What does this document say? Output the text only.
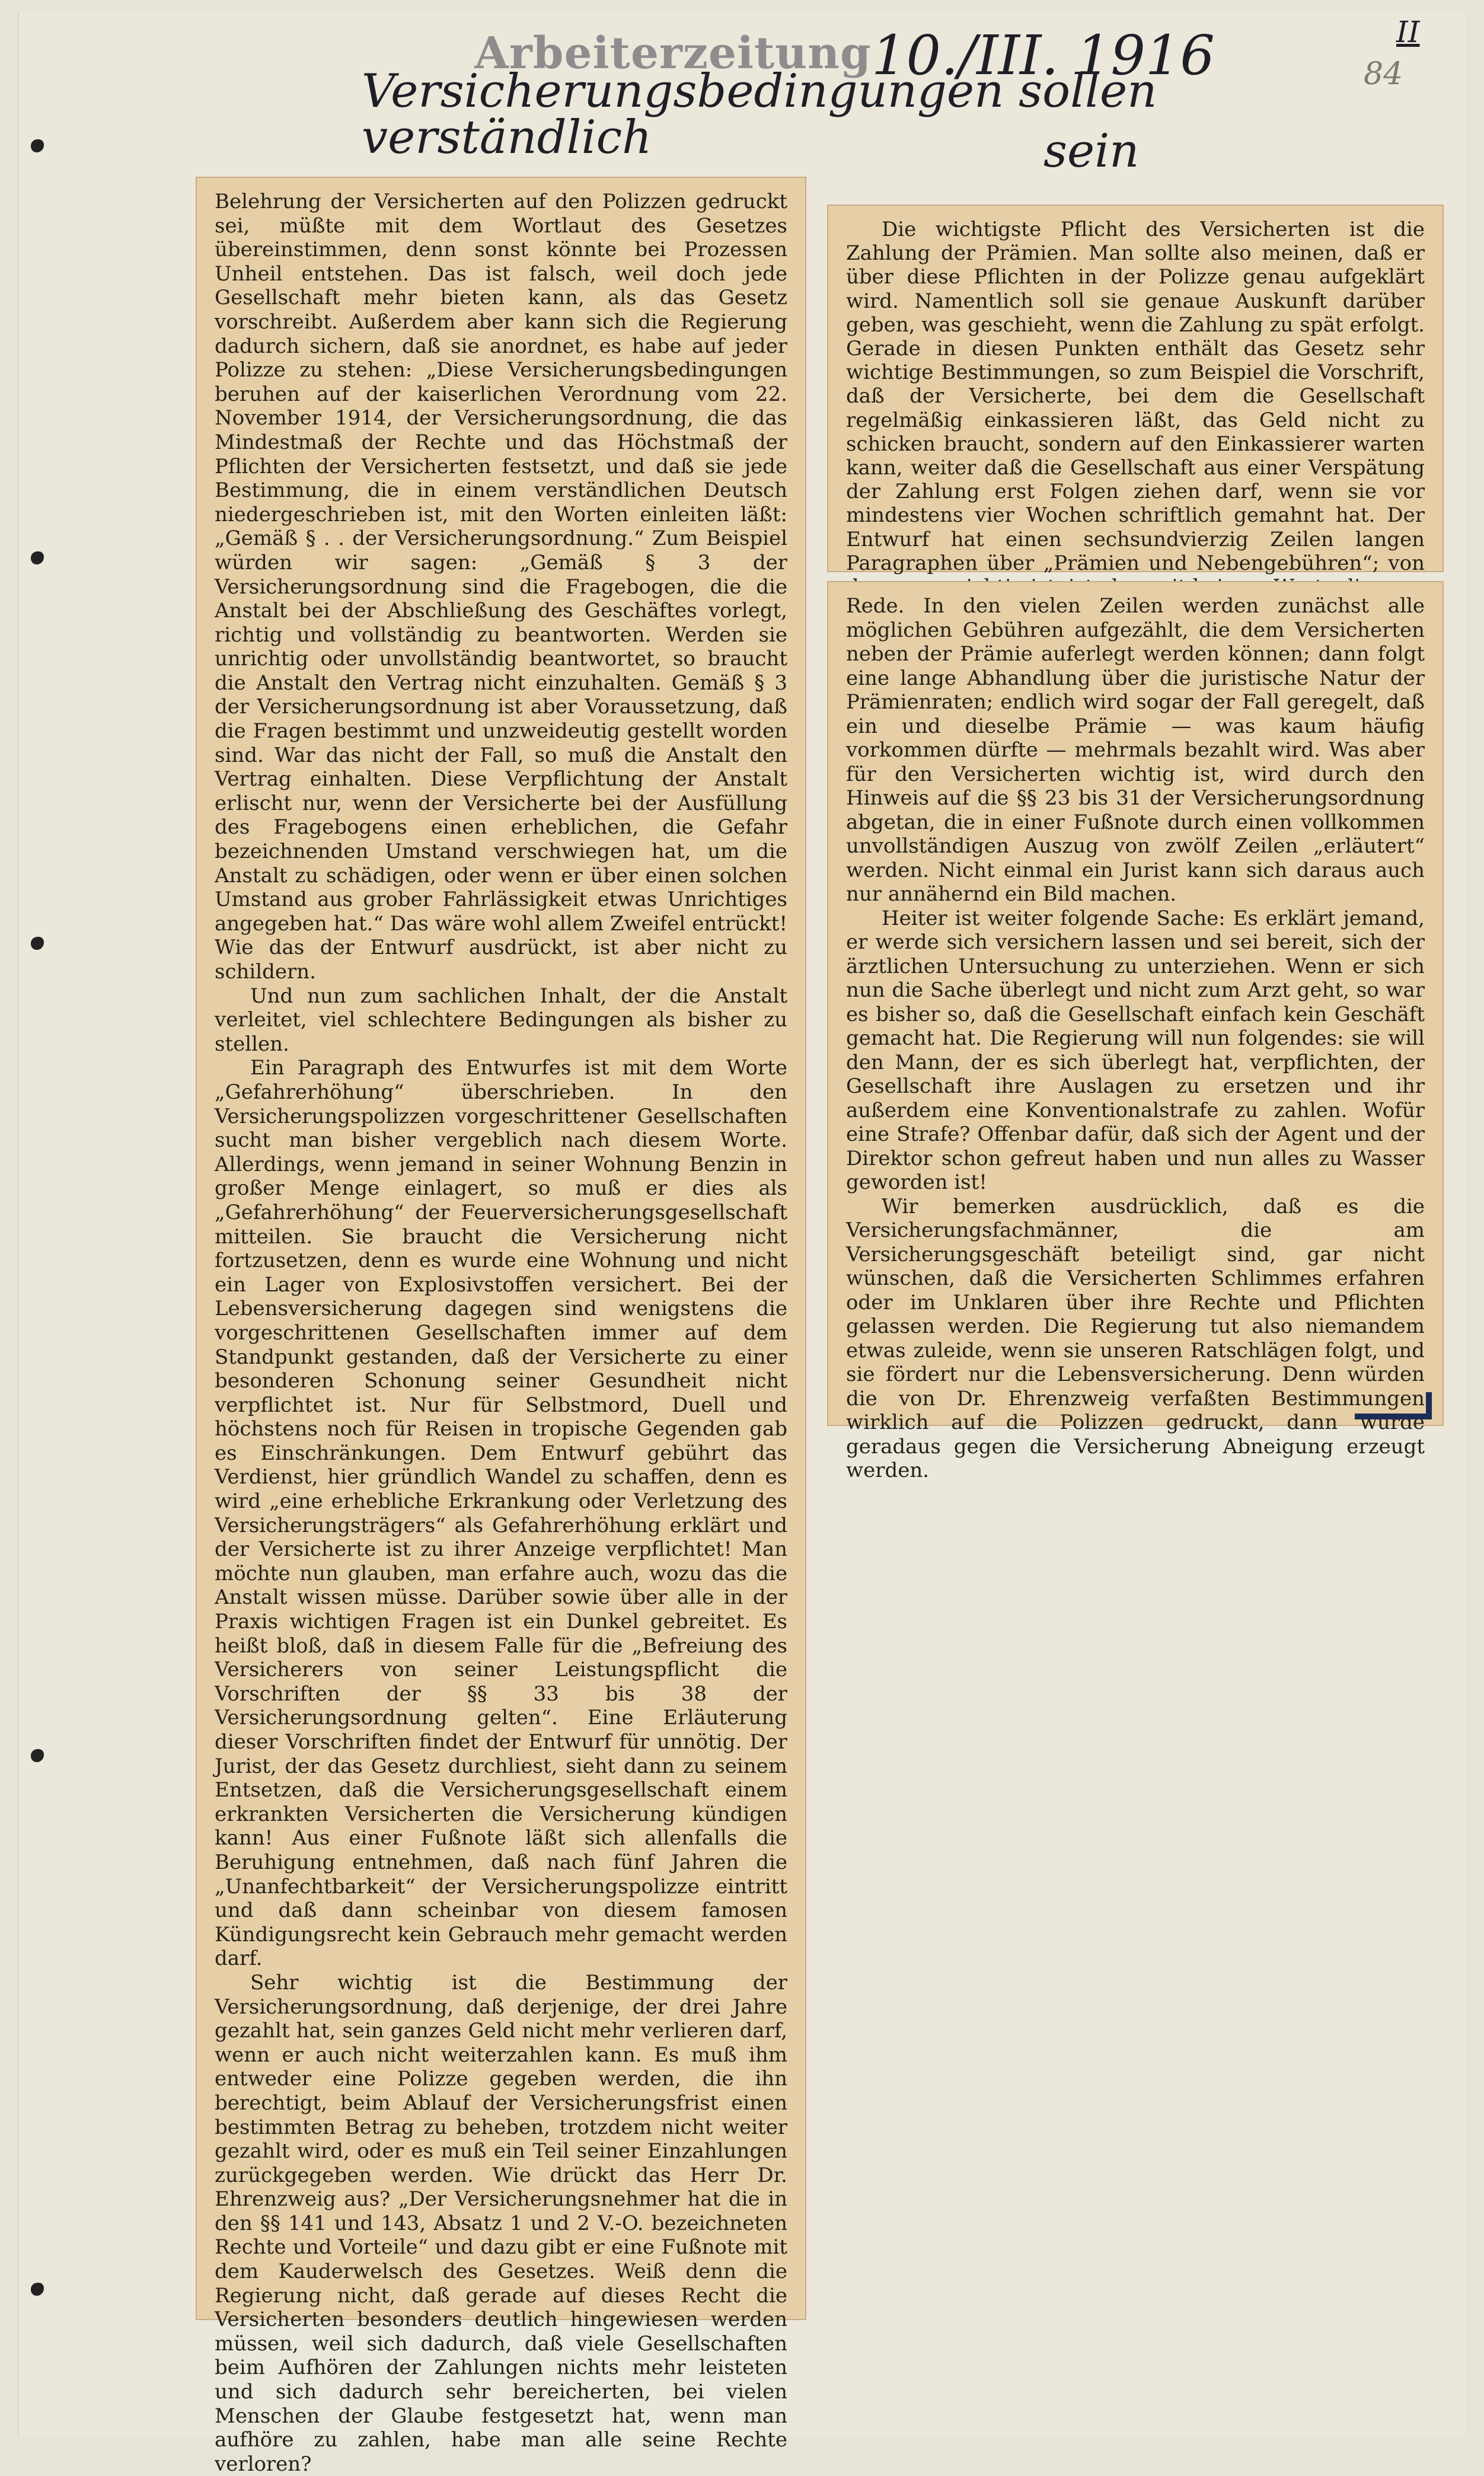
Arbeiterzeitung 10./III. 1916	II
84
Versicherungsbedingungen sollen verständlich	sein

Belehrung der Versicherten auf den Polizzen gedruckt sei, müßte mit dem Wortlaut des Gesetzes übereinstimmen, denn sonst könnte bei Prozessen Unheil entstehen. Das ist falsch, weil doch jede Gesellschaft mehr bieten kann, als das Gesetz vorschreibt. Außerdem aber kann sich die Regierung dadurch sichern, daß sie anordnet, es habe auf jeder Polizze zu stehen: „Diese Versicherungsbedingungen beruhen auf der kaiserlichen Verordnung vom 22. November 1914, der Versicherungsordnung, die das Mindestmaß der Rechte und das Höchstmaß der Pflichten der Versicherten festsetzt, und daß sie jede Bestimmung, die in einem verständlichen Deutsch niedergeschrieben ist, mit den Worten einleiten läßt: „Gemäß § . . der Versicherungsordnung.“ Zum Beispiel würden wir sagen: „Gemäß § 3 der Versicherungsordnung sind die Fragebogen, die die Anstalt bei der Abschließung des Geschäftes vorlegt, richtig und vollständig zu beantworten. Werden sie unrichtig oder unvollständig beantwortet, so braucht die Anstalt den Vertrag nicht einzuhalten. Gemäß § 3 der Versicherungsordnung ist aber Voraussetzung, daß die Fragen bestimmt und unzweideutig gestellt worden sind. War das nicht der Fall, so muß die Anstalt den Vertrag einhalten. Diese Verpflichtung der Anstalt erlischt nur, wenn der Versicherte bei der Ausfüllung des Fragebogens einen erheblichen, die Gefahr bezeichnenden Umstand verschwiegen hat, um die Anstalt zu schädigen, oder wenn er über einen solchen Umstand aus grober Fahrlässigkeit etwas Unrichtiges angegeben hat.“ Das wäre wohl allem Zweifel entrückt! Wie das der Entwurf ausdrückt, ist aber nicht zu schildern.

Und nun zum sachlichen Inhalt, der die Anstalt verleitet, viel schlechtere Bedingungen als bisher zu stellen.

Ein Paragraph des Entwurfes ist mit dem Worte „Gefahrerhöhung“ überschrieben. In den Versicherungspolizzen vorgeschrittener Gesellschaften sucht man bisher vergeblich nach diesem Worte. Allerdings, wenn jemand in seiner Wohnung Benzin in großer Menge einlagert, so muß er dies als „Gefahrerhöhung“ der Feuerversicherungsgesellschaft mitteilen. Sie braucht die Versicherung nicht fortzusetzen, denn es wurde eine Wohnung und nicht ein Lager von Explosivstoffen versichert. Bei der Lebensversicherung dagegen sind wenigstens die vorgeschrittenen Gesellschaften immer auf dem Standpunkt gestanden, daß der Versicherte zu einer besonderen Schonung seiner Gesundheit nicht verpflichtet ist. Nur für Selbstmord, Duell und höchstens noch für Reisen in tropische Gegenden gab es Einschränkungen. Dem Entwurf gebührt das Verdienst, hier gründlich Wandel zu schaffen, denn es wird „eine erhebliche Erkrankung oder Verletzung des Versicherungsträgers“ als Gefahrerhöhung erklärt und der Versicherte ist zu ihrer Anzeige verpflichtet! Man möchte nun glauben, man erfahre auch, wozu das die Anstalt wissen müsse. Darüber sowie über alle in der Praxis wichtigen Fragen ist ein Dunkel gebreitet. Es heißt bloß, daß in diesem Falle für die „Befreiung des Versicherers von seiner Leistungspflicht die Vorschriften der §§ 33 bis 38 der Versicherungsordnung gelten“. Eine Erläuterung dieser Vorschriften findet der Entwurf für unnötig. Der Jurist, der das Gesetz durchliest, sieht dann zu seinem Entsetzen, daß die Versicherungsgesellschaft einem erkrankten Versicherten die Versicherung kündigen kann! Aus einer Fußnote läßt sich allenfalls die Beruhigung entnehmen, daß nach fünf Jahren die „Unanfechtbarkeit“ der Versicherungspolizze eintritt und daß dann scheinbar von diesem famosen Kündigungsrecht kein Gebrauch mehr gemacht werden darf.

Sehr wichtig ist die Bestimmung der Versicherungsordnung, daß derjenige, der drei Jahre gezahlt hat, sein ganzes Geld nicht mehr verlieren darf, wenn er auch nicht weiterzahlen kann. Es muß ihm entweder eine Polizze gegeben werden, die ihn berechtigt, beim Ablauf der Versicherungsfrist einen bestimmten Betrag zu beheben, trotzdem nicht weiter gezahlt wird, oder es muß ein Teil seiner Einzahlungen zurückgegeben werden. Wie drückt das Herr Dr. Ehrenzweig aus? „Der Versicherungsnehmer hat die in den §§ 141 und 143, Absatz 1 und 2 V.-O. bezeichneten Rechte und Vorteile“ und dazu gibt er eine Fußnote mit dem Kauderwelsch des Gesetzes. Weiß denn die Regierung nicht, daß gerade auf dieses Recht die Versicherten besonders deutlich hingewiesen werden müssen, weil sich dadurch, daß viele Gesellschaften beim Aufhören der Zahlungen nichts mehr leisteten und sich dadurch sehr bereicherten, bei vielen Menschen der Glaube festgesetzt hat, wenn man aufhöre zu zahlen, habe man alle seine Rechte verloren?

Die wichtigste Pflicht des Versicherten ist die Zahlung der Prämien. Man sollte also meinen, daß er über diese Pflichten in der Polizze genau aufgeklärt wird. Namentlich soll sie genaue Auskunft darüber geben, was geschieht, wenn die Zahlung zu spät erfolgt. Gerade in diesen Punkten enthält das Gesetz sehr wichtige Bestimmungen, so zum Beispiel die Vorschrift, daß der Versicherte, bei dem die Gesellschaft regelmäßig einkassieren läßt, das Geld nicht zu schicken braucht, sondern auf den Einkassierer warten kann, weiter daß die Gesellschaft aus einer Verspätung der Zahlung erst Folgen ziehen darf, wenn sie vor mindestens vier Wochen schriftlich gemahnt hat. Der Entwurf hat einen sechsundvierzig Zeilen langen Paragraphen über „Prämien und Nebengebühren“; von

Rede. In den vielen Zeilen werden zunächst alle möglichen Gebühren aufgezählt, die dem Versicherten neben der Prämie auferlegt werden können; dann folgt eine lange Abhandlung über die juristische Natur der Prämienraten; endlich wird sogar der Fall geregelt, daß ein und dieselbe Prämie — was kaum häufig vorkommen dürfte — mehrmals bezahlt wird. Was aber für den Versicherten wichtig ist, wird durch den Hinweis auf die §§ 23 bis 31 der Versicherungsordnung abgetan, die in einer Fußnote durch einen vollkommen unvollständigen Auszug von zwölf Zeilen „erläutert“ werden. Nicht einmal ein Jurist kann sich daraus auch nur annähernd ein Bild machen.

Heiter ist weiter folgende Sache: Es erklärt jemand, er werde sich versichern lassen und sei bereit, sich der ärztlichen Untersuchung zu unterziehen. Wenn er sich nun die Sache überlegt und nicht zum Arzt geht, so war es bisher so, daß die Gesellschaft einfach kein Geschäft gemacht hat. Die Regierung will nun folgendes: sie will den Mann, der es sich überlegt hat, verpflichten, der Gesellschaft ihre Auslagen zu ersetzen und ihr außerdem eine Konventionalstrafe zu zahlen. Wofür eine Strafe? Offenbar dafür, daß sich der Agent und der Direktor schon gefreut haben und nun alles zu Wasser geworden ist!

Wir bemerken ausdrücklich, daß es die Versicherungsfachmänner, die am Versicherungsgeschäft beteiligt sind, gar nicht wünschen, daß die Versicherten Schlimmes erfahren oder im Unklaren über ihre Rechte und Pflichten gelassen werden. Die Regierung tut also niemandem etwas zuleide, wenn sie unseren Ratschlägen folgt, und sie fördert nur die Lebensversicherung. Denn würden die von Dr. Ehrenzweig verfaßten Bestimmungen wirklich auf die Polizzen gedruckt, dann würde geradaus gegen die Versicherung Abneigung erzeugt werden.
